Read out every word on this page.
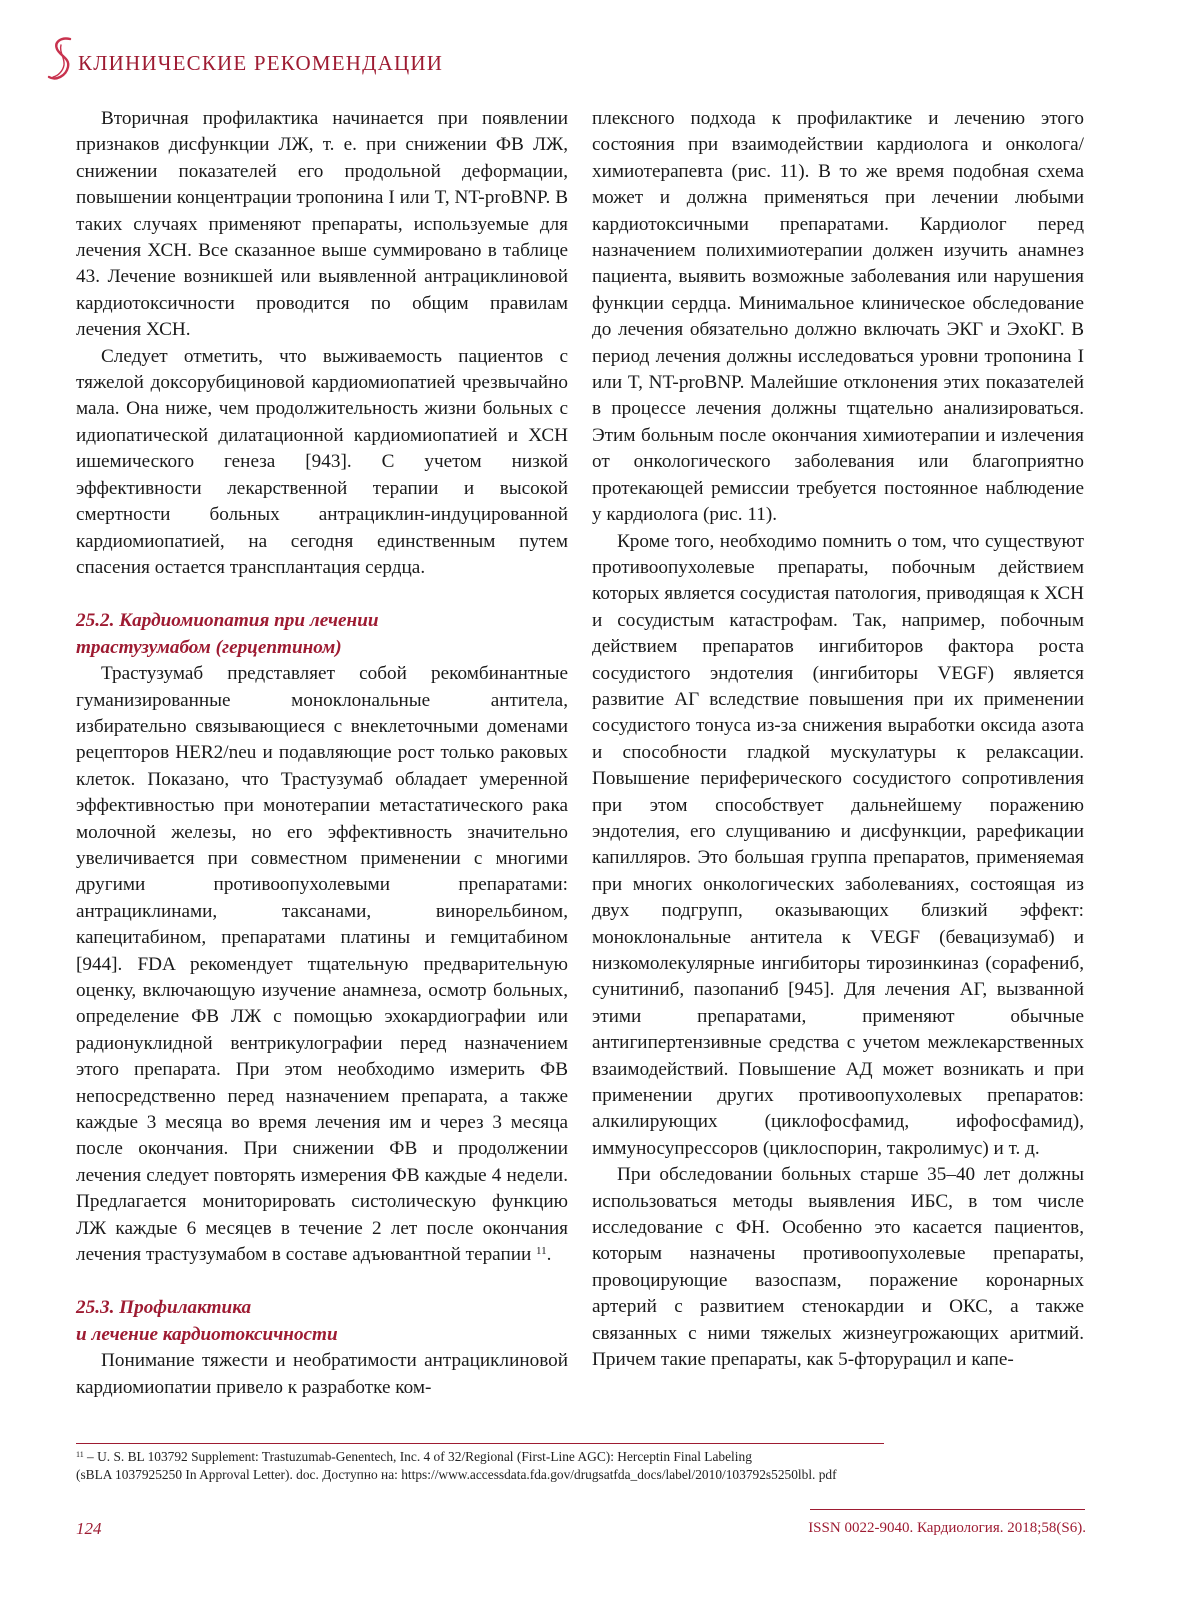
КЛИНИЧЕСКИЕ РЕКОМЕНДАЦИИ

Вторичная профилактика начинается при появлении признаков дисфункции ЛЖ, т. е. при снижении ФВ ЛЖ, снижении показателей его продольной деформации, повышении концентрации тропонина I или T, NT-proBNP. В таких случаях применяют препараты, используемые для лечения ХСН. Все сказанное выше суммировано в таблице 43. Лечение возникшей или выявленной антрациклиновой кардиотоксичности проводится по общим правилам лечения ХСН.

Следует отметить, что выживаемость пациентов с тяжелой доксорубициновой кардиомиопатией чрезвычайно мала. Она ниже, чем продолжительность жизни больных с идиопатической дилатационной кардиомиопатией и ХСН ишемического генеза [943]. С учетом низкой эффективности лекарственной терапии и высокой смертности больных антрациклин-индуцированной кардиомиопатией, на сегодня единственным путем спасения остается трансплантация сердца.

25.2. Кардиомиопатия при лечении
трастузумабом (герцептином)

Трастузумаб представляет собой рекомбинантные гуманизированные моноклональные антитела, избирательно связывающиеся с внеклеточными доменами рецепторов HER2/neu и подавляющие рост только раковых клеток. Показано, что Трастузумаб обладает умеренной эффективностью при монотерапии метастатического рака молочной железы, но его эффективность значительно увеличивается при совместном применении с многими другими противоопухолевыми препаратами: антрациклинами, таксанами, винорельбином, капецитабином, препаратами платины и гемцитабином [944]. FDA рекомендует тщательную предварительную оценку, включающую изучение анамнеза, осмотр больных, определение ФВ ЛЖ с помощью эхокардиографии или радионуклидной вентрикулографии перед назначением этого препарата. При этом необходимо измерить ФВ непосредственно перед назначением препарата, а также каждые 3 месяца во время лечения им и через 3 месяца после окончания. При снижении ФВ и продолжении лечения следует повторять измерения ФВ каждые 4 недели. Предлагается мониторировать систолическую функцию ЛЖ каждые 6 месяцев в течение 2 лет после окончания лечения трастузумабом в составе адъювантной терапии $^{11}$.

25.3. Профилактика
и лечение кардиотоксичности

Понимание тяжести и необратимости антрациклиновой кардиомиопатии привело к разработке ком-

плексного подхода к профилактике и лечению этого состояния при взаимодействии кардиолога и онколога/химиотерапевта (рис. 11). В то же время подобная схема может и должна применяться при лечении любыми кардиотоксичными препаратами. Кардиолог перед назначением полихимиотерапии должен изучить анамнез пациента, выявить возможные заболевания или нарушения функции сердца. Минимальное клиническое обследование до лечения обязательно должно включать ЭКГ и ЭхоКГ. В период лечения должны исследоваться уровни тропонина I или T, NT-proBNP. Малейшие отклонения этих показателей в процессе лечения должны тщательно анализироваться. Этим больным после окончания химиотерапии и излечения от онкологического заболевания или благоприятно протекающей ремиссии требуется постоянное наблюдение у кардиолога (рис. 11).

Кроме того, необходимо помнить о том, что существуют противоопухолевые препараты, побочным действием которых является сосудистая патология, приводящая к ХСН и сосудистым катастрофам. Так, например, побочным действием препаратов ингибиторов фактора роста сосудистого эндотелия (ингибиторы VEGF) является развитие АГ вследствие повышения при их применении сосудистого тонуса из-за снижения выработки оксида азота и способности гладкой мускулатуры к релаксации. Повышение периферического сосудистого сопротивления при этом способствует дальнейшему поражению эндотелия, его слущиванию и дисфункции, рарефикации капилляров. Это большая группа препаратов, применяемая при многих онкологических заболеваниях, состоящая из двух подгрупп, оказывающих близкий эффект: моноклональные антитела к VEGF (бевацизумаб) и низкомолекулярные ингибиторы тирозинкиназ (сорафениб, сунитиниб, пазопаниб [945]. Для лечения АГ, вызванной этими препаратами, применяют обычные антигипертензивные средства с учетом межлекарственных взаимодействий. Повышение АД может возникать и при применении других противоопухолевых препаратов: алкилирующих (циклофосфамид, ифофосфамид), иммуносупрессоров (циклоспорин, такролимус) и т. д.

При обследовании больных старше 35–40 лет должны использоваться методы выявления ИБС, в том числе исследование с ФН. Особенно это касается пациентов, которым назначены противоопухолевые препараты, провоцирующие вазоспазм, поражение коронарных артерий с развитием стенокардии и ОКС, а также связанных с ними тяжелых жизнеугрожающих аритмий. Причем такие препараты, как 5-фторурацил и капе-

$^{11}$ – U. S. BL 103792 Supplement: Trastuzumab-Genentech, Inc. 4 of 32/Regional (First-Line AGC): Herceptin Final Labeling
(sBLA 1037925250 In Approval Letter). doc. Доступно на: https://www.accessdata.fda.gov/drugsatfda_docs/label/2010/103792s5250lbl. pdf
124	ISSN 0022-9040. Кардиология. 2018;58(S6).
